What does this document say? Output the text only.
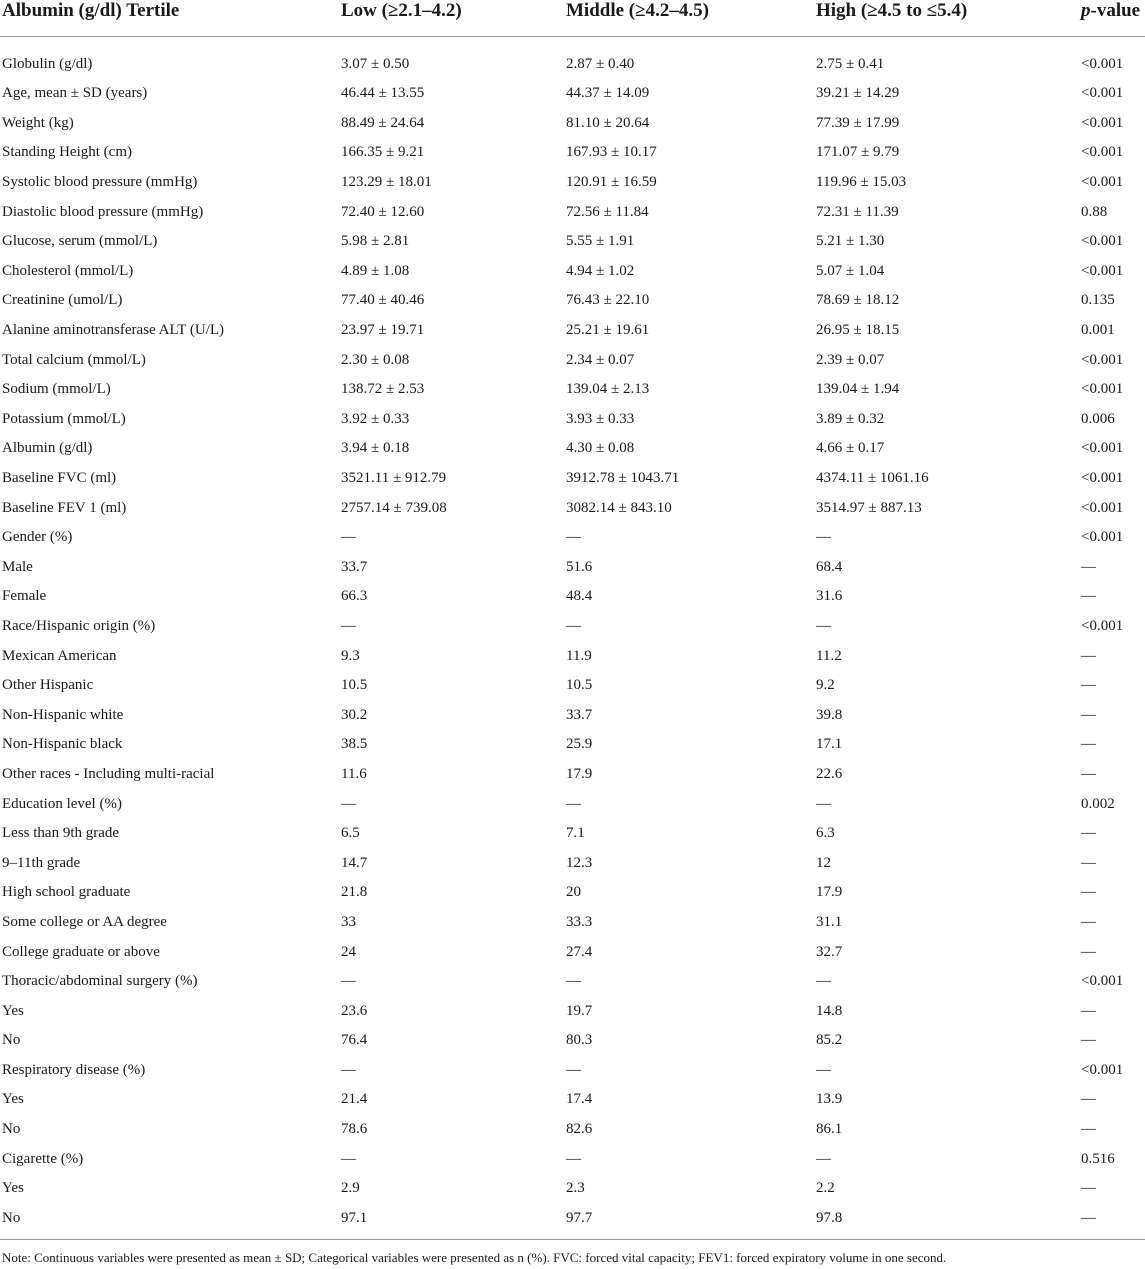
Albumin (g/dl) Tertile	Low (≥2.1–4.2)	Middle (≥4.2–4.5)	High (≥4.5 to ≤5.4)	p-value
Globulin (g/dl)	3.07 ± 0.50	2.87 ± 0.40	2.75 ± 0.41	<0.001
Age, mean ± SD (years)	46.44 ± 13.55	44.37 ± 14.09	39.21 ± 14.29	<0.001
Weight (kg)	88.49 ± 24.64	81.10 ± 20.64	77.39 ± 17.99	<0.001
Standing Height (cm)	166.35 ± 9.21	167.93 ± 10.17	171.07 ± 9.79	<0.001
Systolic blood pressure (mmHg)	123.29 ± 18.01	120.91 ± 16.59	119.96 ± 15.03	<0.001
Diastolic blood pressure (mmHg)	72.40 ± 12.60	72.56 ± 11.84	72.31 ± 11.39	0.88
Glucose, serum (mmol/L)	5.98 ± 2.81	5.55 ± 1.91	5.21 ± 1.30	<0.001
Cholesterol (mmol/L)	4.89 ± 1.08	4.94 ± 1.02	5.07 ± 1.04	<0.001
Creatinine (umol/L)	77.40 ± 40.46	76.43 ± 22.10	78.69 ± 18.12	0.135
Alanine aminotransferase ALT (U/L)	23.97 ± 19.71	25.21 ± 19.61	26.95 ± 18.15	0.001
Total calcium (mmol/L)	2.30 ± 0.08	2.34 ± 0.07	2.39 ± 0.07	<0.001
Sodium (mmol/L)	138.72 ± 2.53	139.04 ± 2.13	139.04 ± 1.94	<0.001
Potassium (mmol/L)	3.92 ± 0.33	3.93 ± 0.33	3.89 ± 0.32	0.006
Albumin (g/dl)	3.94 ± 0.18	4.30 ± 0.08	4.66 ± 0.17	<0.001
Baseline FVC (ml)	3521.11 ± 912.79	3912.78 ± 1043.71	4374.11 ± 1061.16	<0.001
Baseline FEV 1 (ml)	2757.14 ± 739.08	3082.14 ± 843.10	3514.97 ± 887.13	<0.001
Gender (%)	—	—	—	<0.001
Male	33.7	51.6	68.4	—
Female	66.3	48.4	31.6	—
Race/Hispanic origin (%)	—	—	—	<0.001
Mexican American	9.3	11.9	11.2	—
Other Hispanic	10.5	10.5	9.2	—
Non-Hispanic white	30.2	33.7	39.8	—
Non-Hispanic black	38.5	25.9	17.1	—
Other races - Including multi-racial	11.6	17.9	22.6	—
Education level (%)	—	—	—	0.002
Less than 9th grade	6.5	7.1	6.3	—
9–11th grade	14.7	12.3	12	—
High school graduate	21.8	20	17.9	—
Some college or AA degree	33	33.3	31.1	—
College graduate or above	24	27.4	32.7	—
Thoracic/abdominal surgery (%)	—	—	—	<0.001
Yes	23.6	19.7	14.8	—
No	76.4	80.3	85.2	—
Respiratory disease (%)	—	—	—	<0.001
Yes	21.4	17.4	13.9	—
No	78.6	82.6	86.1	—
Cigarette (%)	—	—	—	0.516
Yes	2.9	2.3	2.2	—
No	97.1	97.7	97.8	—
Note: Continuous variables were presented as mean ± SD; Categorical variables were presented as n (%). FVC: forced vital capacity; FEV1: forced expiratory volume in one second.
